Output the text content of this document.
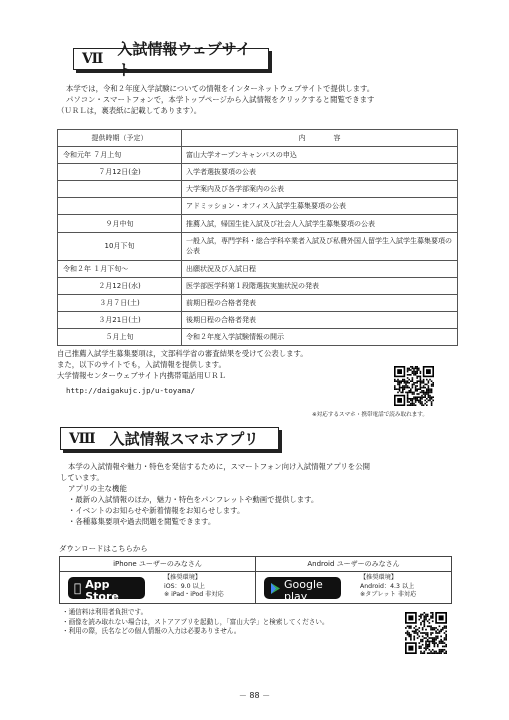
Ⅶ
入試情報ウェブサイト
本学では，令和２年度入学試験についての情報をインターネットウェブサイトで提供します。
パソコン・スマートフォンで，本学トップページから入試情報をクリックすると閲覧できます
（ＵＲＬは，裏表紙に記載してあります）。
提供時期（予定）	内　　　　容
令和元年 ７月上旬	富山大学オープンキャンパスの申込
７月12日(金)	入学者選抜要項の公表
	大学案内及び各学部案内の公表
	アドミッション・オフィス入試学生募集要項の公表
９月中旬	推薦入試，帰国生徒入試及び社会人入試学生募集要項の公表
10月下旬	一般入試，専門学科・総合学科卒業者入試及び私費外国人留学生入試学生募集要項の公表
令和２年 １月下旬～	出願状況及び入試日程
２月12日(水)	医学部医学科第１段階選抜実施状況の発表
３月７日(土)	前期日程の合格者発表
３月21日(土)	後期日程の合格者発表
５月上旬	令和２年度入学試験情報の開示
自己推薦入試学生募集要項は，文部科学省の審査結果を受けて公表します。
また，以下のサイトでも，入試情報を提供します。
大学情報センターウェブサイト内携帯電話用ＵＲＬ
http://daigakujc.jp/u-toyama/
※対応するスマホ・携帯電話で読み取れます。
Ⅷ 入試情報スマホアプリ
本学の入試情報や魅力・特色を発信するために，スマートフォン向け入試情報アプリを公開
しています。
アプリの主な機能
・最新の入試情報のほか，魅力・特色をパンフレットや動画で提供します。
・イベントのお知らせや新着情報をお知らせします。
・各種募集要項や過去問題を閲覧できます。
ダウンロードはこちらから
iPhone ユーザーのみなさん
Download on the
App Store
【推奨環境】
iOS：9.0 以上
※ iPad・iPod 非対応
Android ユーザーのみなさん
ANDROID APP ON
Google play
【推奨環境】
Android：4.3 以上
※タブレット 非対応
・通信料は利用者負担です。
・画像を読み取れない場合は，ストアアプリを起動し，「富山大学」と検索してください。
・利用の際，氏名などの個人情報の入力は必要ありません。
－ 88 －
